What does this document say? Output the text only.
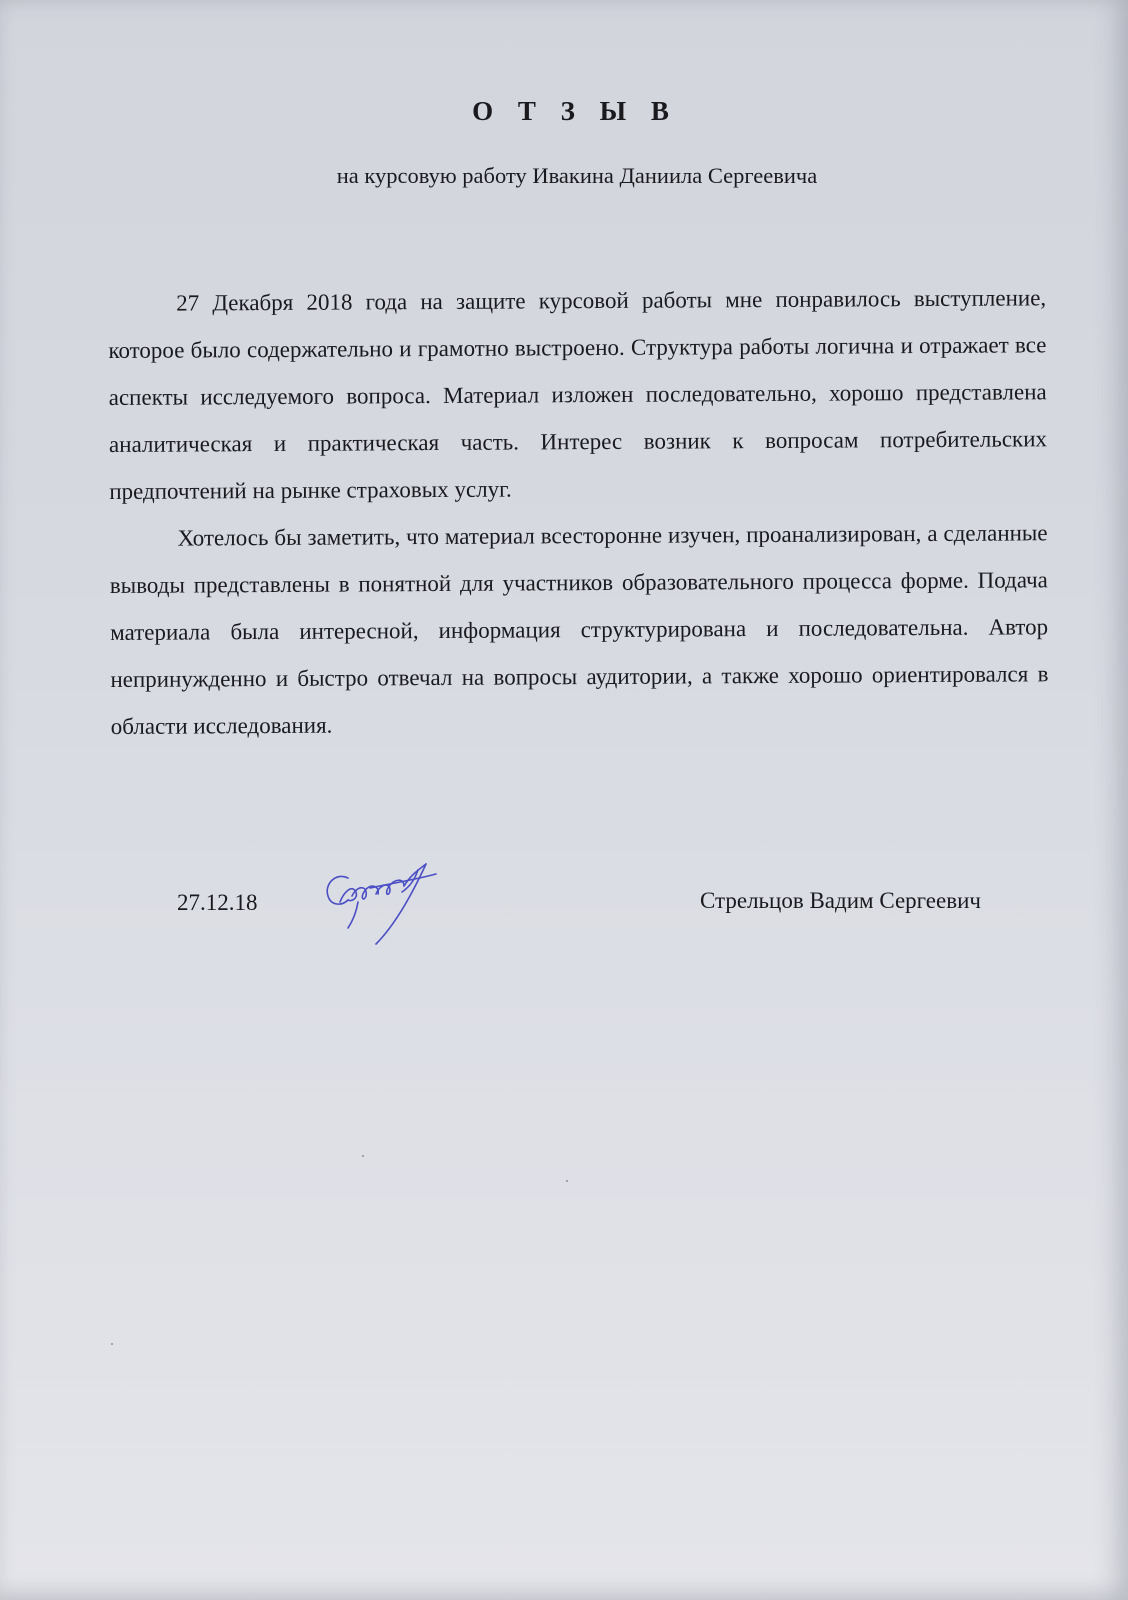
О Т З Ы В
на курсовую работу Ивакина Даниила Сергеевича

27 Декабря 2018 года на защите курсовой работы мне понравилось выступление, которое было содержательно и грамотно выстроено. Структура работы логична и отражает все аспекты исследуемого вопроса. Материал изложен последовательно, хорошо представлена аналитическая и практическая часть. Интерес возник к вопросам потребительских предпочтений на рынке страховых услуг.

Хотелось бы заметить, что материал всесторонне изучен, проанализирован, а сделанные выводы представлены в понятной для участников образовательного процесса форме. Подача материала была интересной, информация структурирована и последовательна. Автор непринужденно и быстро отвечал на вопросы аудитории, а также хорошо ориентировался в области исследования.

27.12.18	Стрельцов Вадим Сергеевич
